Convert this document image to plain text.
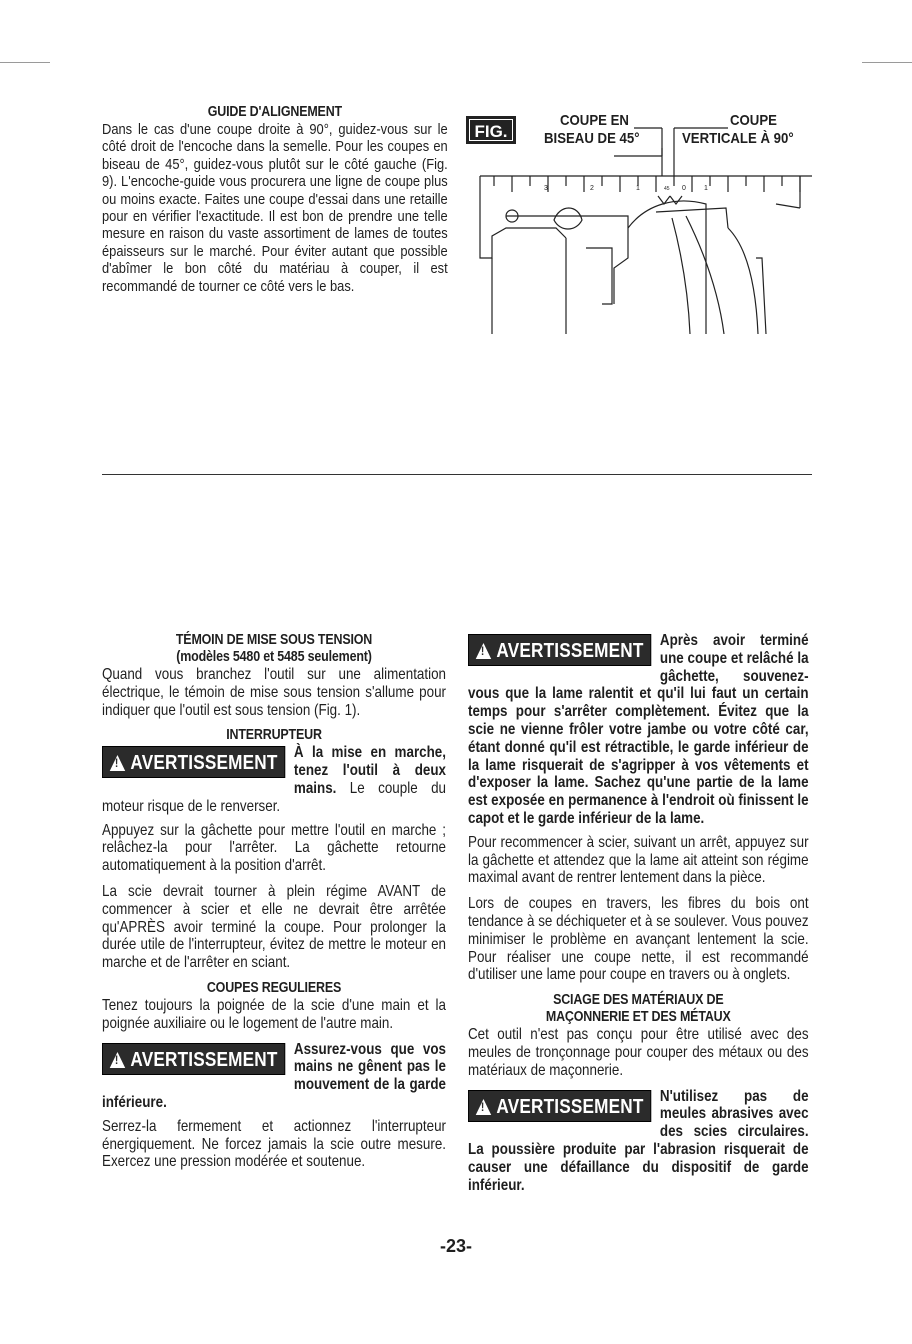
GUIDE D'ALIGNEMENT

Dans le cas d'une coupe droite à 90°, guidez-vous sur le côté droit de l'encoche dans la semelle. Pour les coupes en biseau de 45°, guidez-vous plutôt sur le côté gauche (Fig. 9). L'encoche-guide vous procurera une ligne de coupe plus ou moins exacte. Faites une coupe d'essai dans une retaille pour en vérifier l'exactitude. Il est bon de prendre une telle mesure en raison du vaste assortiment de lames de toutes épaisseurs sur le marché. Pour éviter autant que possible d'abîmer le bon côté du matériau à couper, il est recommandé de tourner ce côté vers le bas.

3	2	1	45 0	1
FIG. 9
COUPE EN
BISEAU DE 45°
COUPE
VERTICALE À 90°
TÉMOIN DE MISE SOUS TENSION
(modèles 5480 et 5485 seulement)

Quand vous branchez l'outil sur une alimentation électrique, le témoin de mise sous tension s'allume pour indiquer que l'outil est sous tension (Fig. 1).

INTERRUPTEUR
!AVERTISSEMENT	À la mise en marche, tenez l'outil à deux mains. Le couple du moteur risque de le renverser.

Appuyez sur la gâchette pour mettre l'outil en marche ; relâchez-la pour l'arrêter. La gâchette retourne automatiquement à la position d'arrêt.

La scie devrait tourner à plein régime AVANT de commencer à scier et elle ne devrait être arrêtée qu'APRÈS avoir terminé la coupe. Pour prolonger la durée utile de l'interrupteur, évitez de mettre le moteur en marche et de l'arrêter en sciant.

COUPES REGULIERES

Tenez toujours la poignée de la scie d'une main et la poignée auxiliaire ou le logement de l'autre main.

!AVERTISSEMENT	Assurez-vous que vos mains ne gênent pas le mouvement de la garde inférieure.

Serrez-la fermement et actionnez l'interrupteur énergiquement. Ne forcez jamais la scie outre mesure. Exercez une pression modérée et soutenue.

!AVERTISSEMENT	Après avoir terminé une coupe et relâché la gâchette, souvenez-vous que la lame ralentit et qu'il lui faut un certain temps pour s'arrêter complètement. Évitez que la scie ne vienne frôler votre jambe ou votre côté car, étant donné qu'il est rétractible, le garde inférieur de la lame risquerait de s'agripper à vos vêtements et d'exposer la lame. Sachez qu'une partie de la lame est exposée en permanence à l'endroit où finissent le capot et le garde inférieur de la lame.

Pour recommencer à scier, suivant un arrêt, appuyez sur la gâchette et attendez que la lame ait atteint son régime maximal avant de rentrer lentement dans la pièce.

Lors de coupes en travers, les fibres du bois ont tendance à se déchiqueter et à se soulever. Vous pouvez minimiser le problème en avançant lentement la scie. Pour réaliser une coupe nette, il est recommandé d'utiliser une lame pour coupe en travers ou à onglets.

SCIAGE DES MATÉRIAUX DE
MAÇONNERIE ET DES MÉTAUX

Cet outil n'est pas conçu pour être utilisé avec des meules de tronçonnage pour couper des métaux ou des matériaux de maçonnerie.

!AVERTISSEMENT	N'utilisez pas de meules abrasives avec des scies circulaires. La poussière produite par l'abrasion risquerait de causer une défaillance du dispositif de garde inférieur.
-23-
